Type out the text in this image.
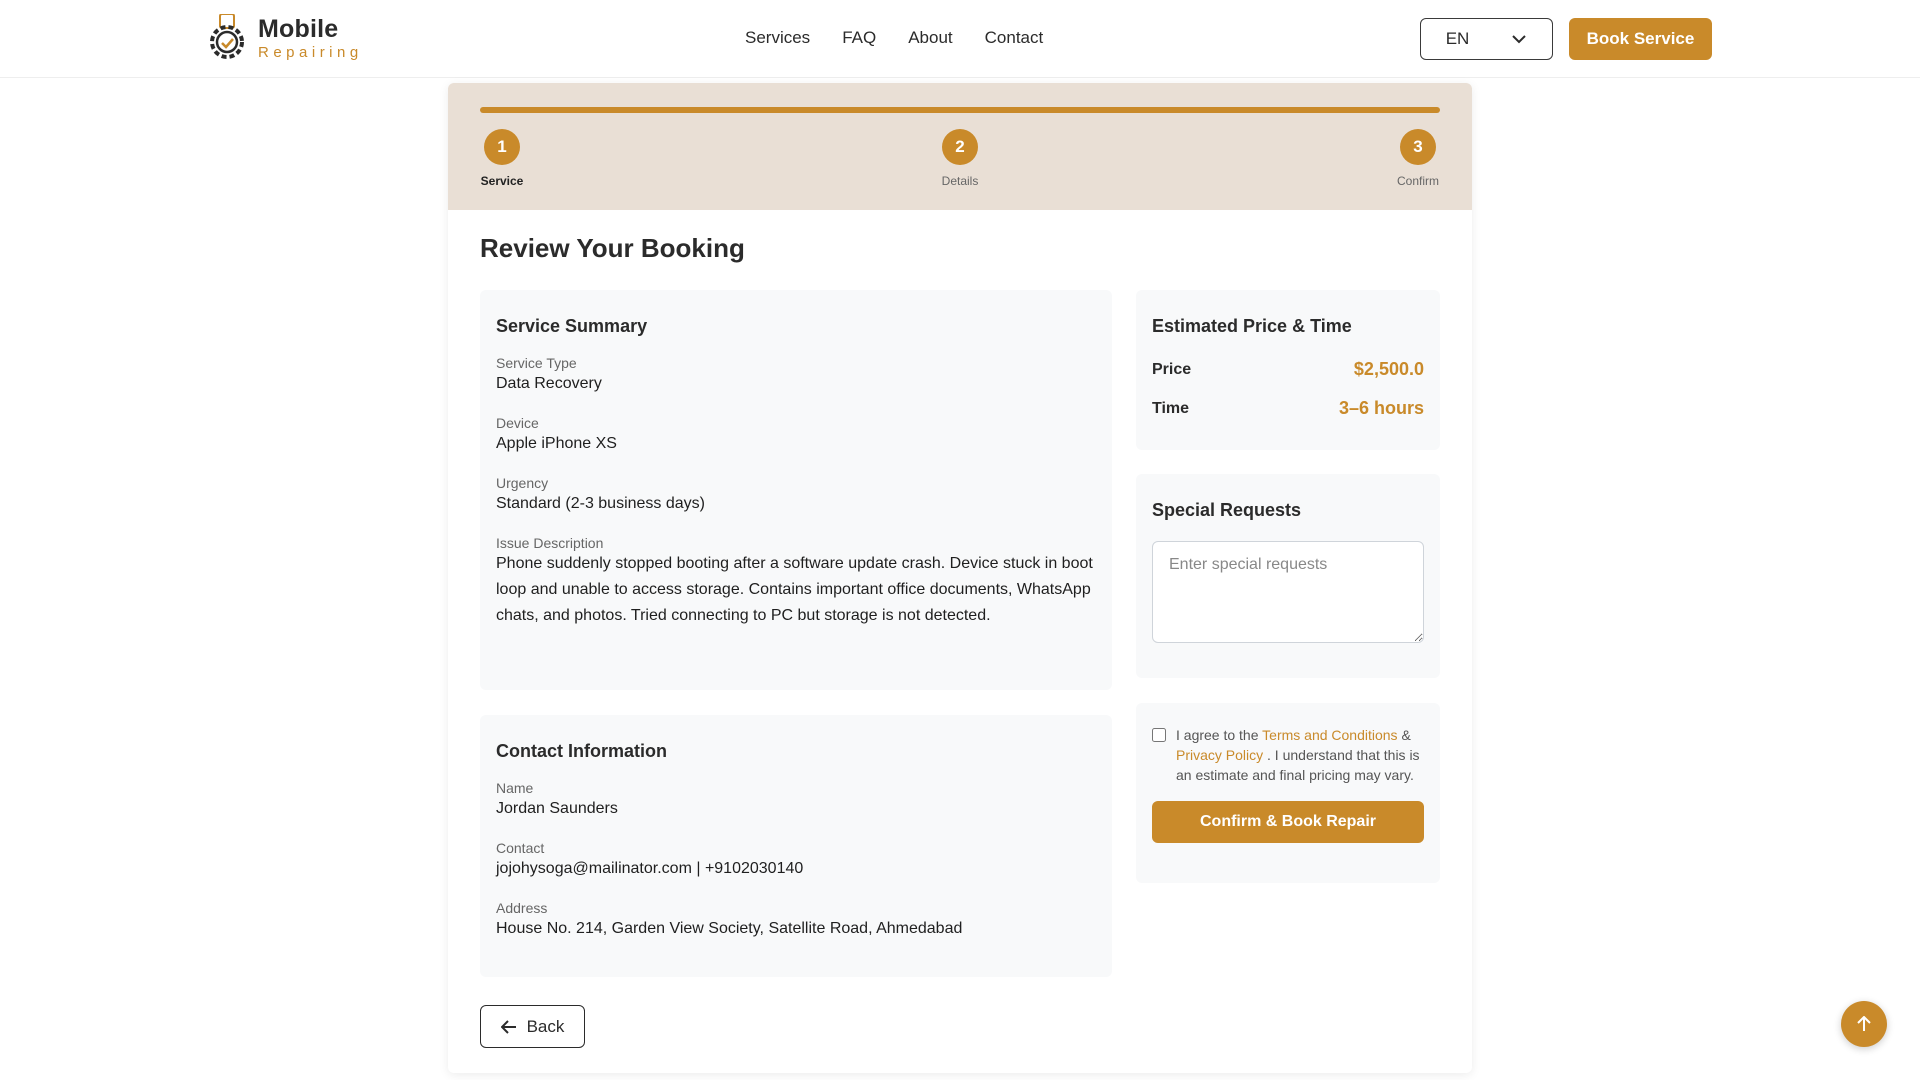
Mobile
Repairing
Services FAQ About Contact	EN	Book Service
1
Service
2
Details
3
Confirm
Review Your Booking
Service Summary
Service Type
Data Recovery
Device
Apple iPhone XS
Urgency
Standard (2-3 business days)
Issue Description
Phone suddenly stopped booting after a software update crash. Device stuck in boot loop and unable to access storage. Contains important office documents, WhatsApp chats, and photos. Tried connecting to PC but storage is not detected.
Contact Information
Name
Jordan Saunders
Contact
jojohysoga@mailinator.com | +9102030140
Address
House No. 214, Garden View Society, Satellite Road, Ahmedabad
Estimated Price & Time
Price	$2,500.0
Time	3–6 hours
Special Requests
Enter special requests
I agree to the Terms and Conditions & Privacy Policy . I understand that this is an estimate and final pricing may vary.
Confirm & Book Repair
Back
